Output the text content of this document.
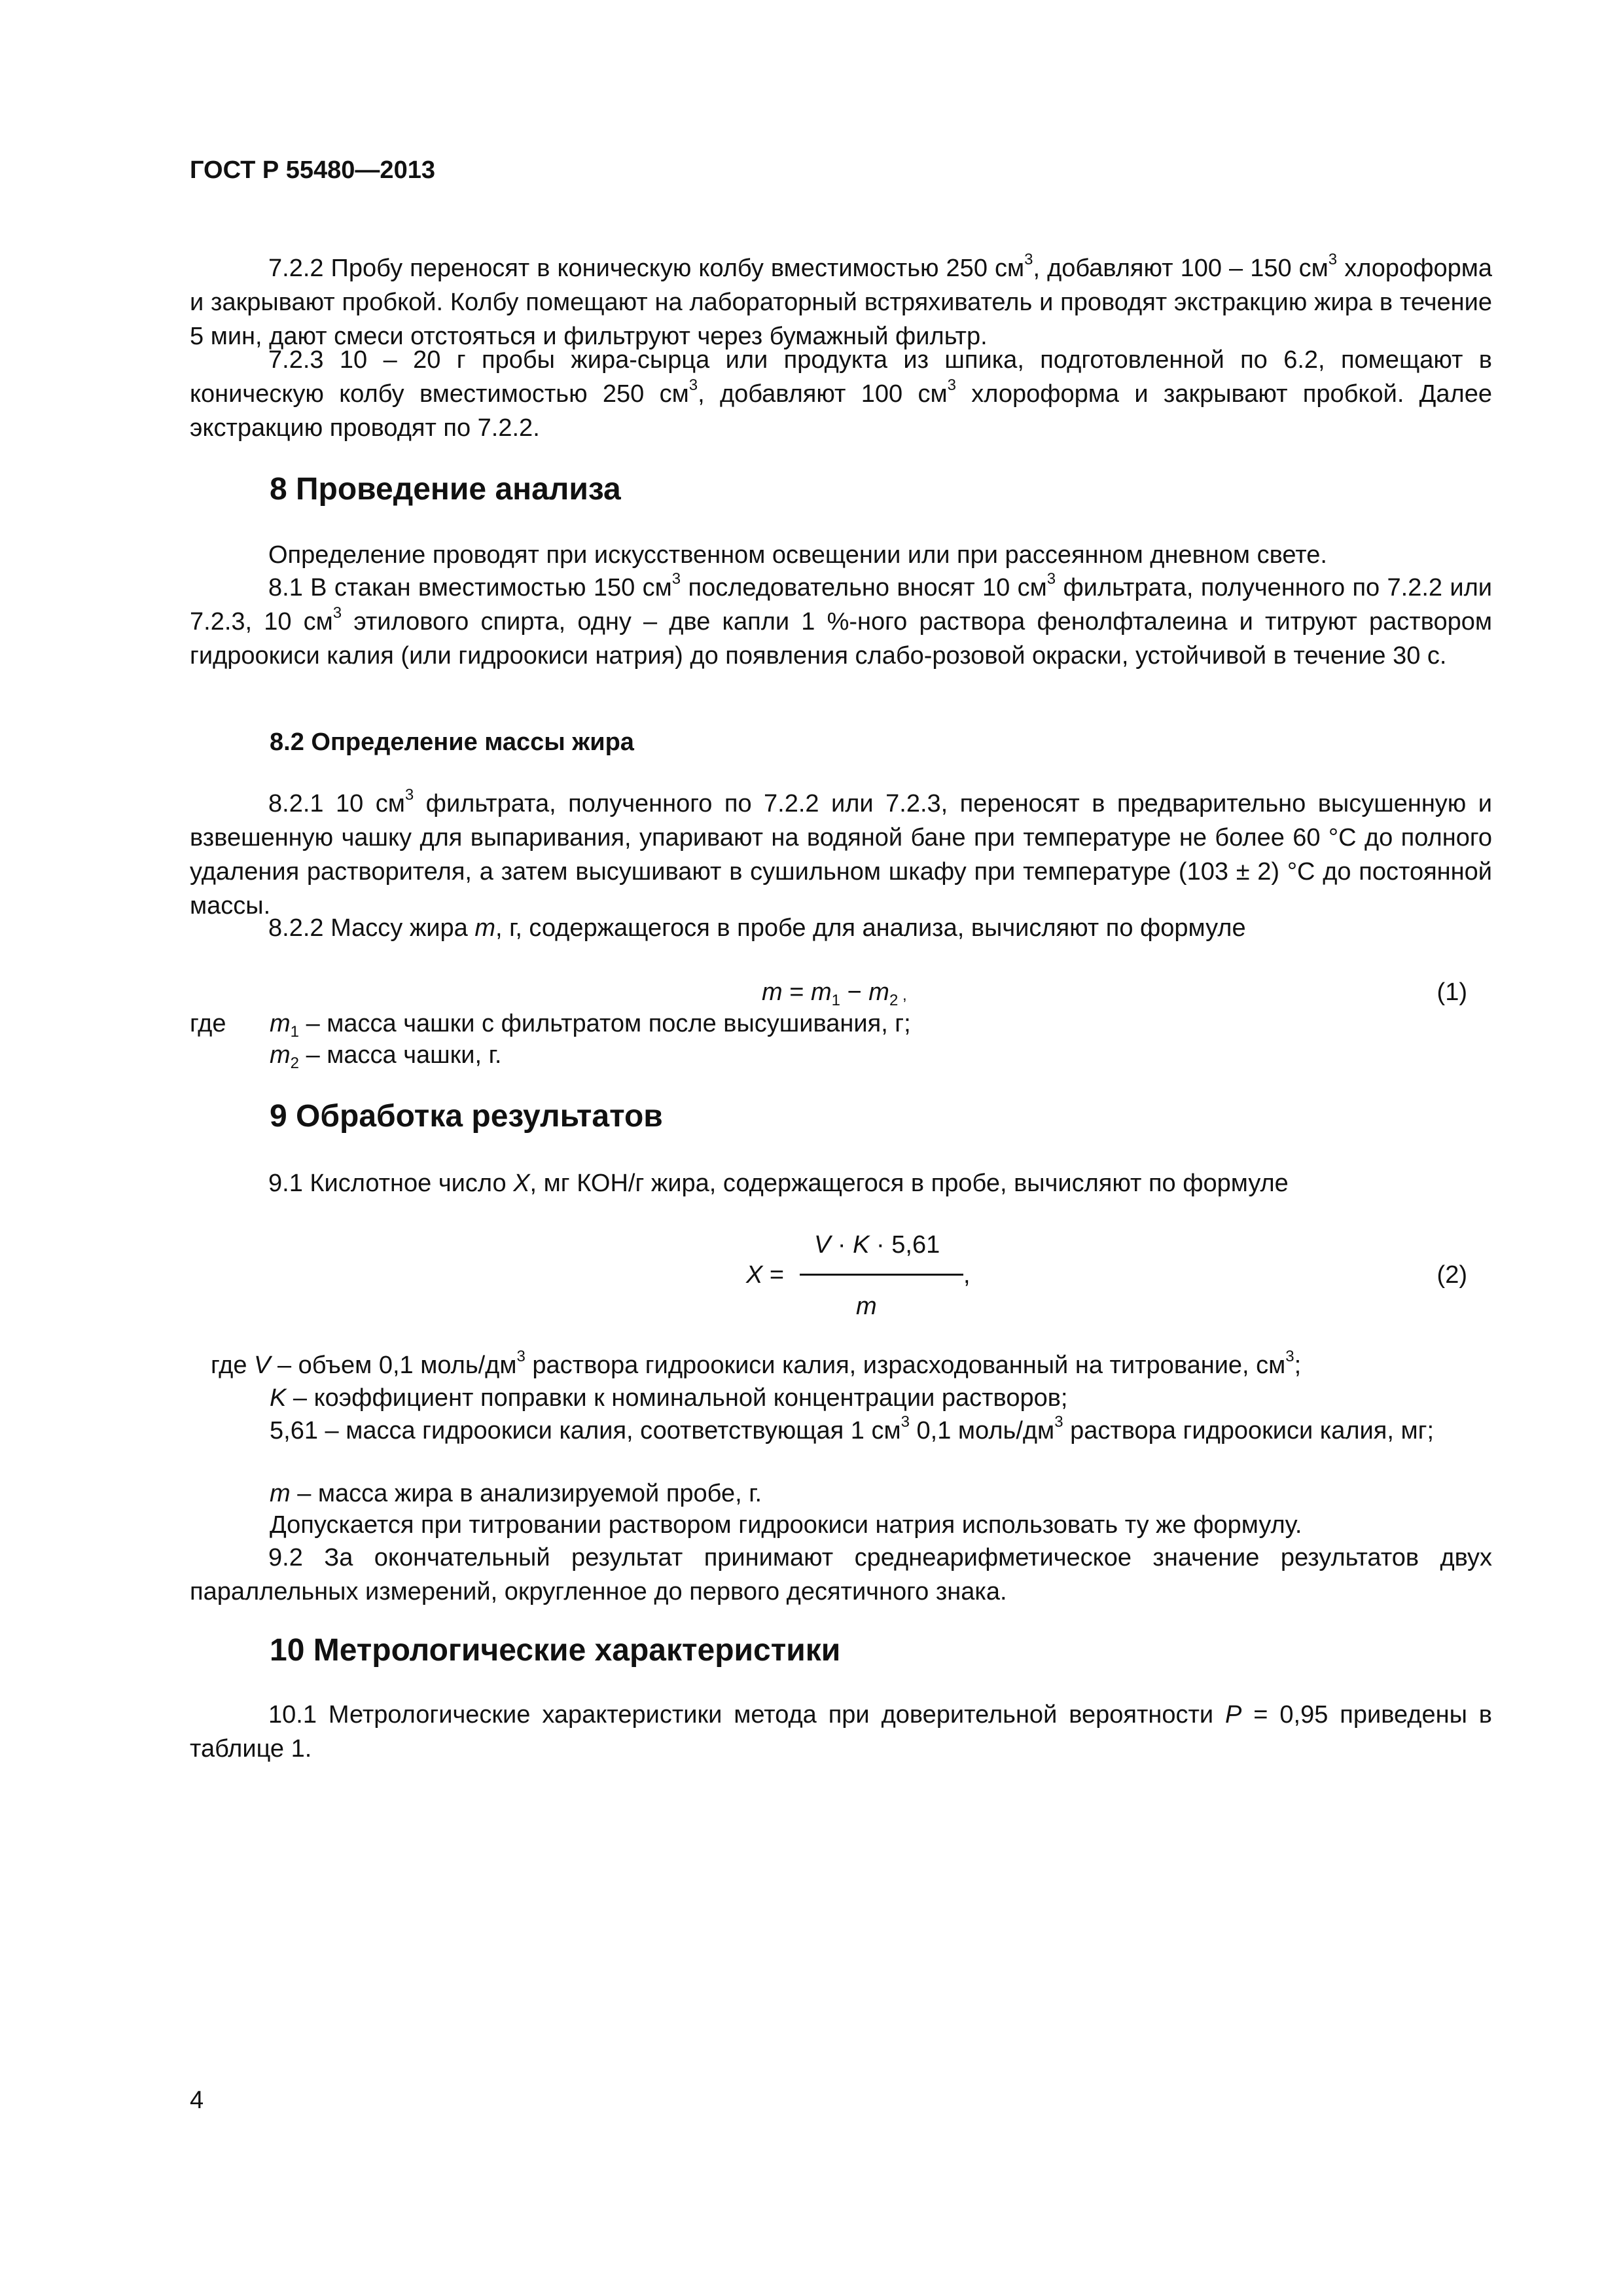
ГОСТ Р 55480—2013

7.2.2 Пробу переносят в коническую колбу вместимостью 250 $см^3$, добавляют 100 – 150 $см^3$ хлороформа и закрывают пробкой. Колбу помещают на лабораторный встряхиватель и проводят экстракцию жира в течение 5 мин, дают смеси отстояться и фильтруют через бумажный фильтр.

7.2.3 10 – 20 г пробы жира-сырца или продукта из шпика, подготовленной по 6.2, помещают в коническую колбу вместимостью 250 $см^3$, добавляют 100 $см^3$ хлороформа и закрывают пробкой. Далее экстракцию проводят по 7.2.2.

8 Проведение анализа

Определение проводят при искусственном освещении или при рассеянном дневном свете.

8.1 В стакан вместимостью 150 $см^3$ последовательно вносят 10 $см^3$ фильтрата, полученного по 7.2.2 или 7.2.3, 10 $см^3$ этилового спирта, одну – две капли 1 %-ного раствора фенолфталеина и титруют раствором гидроокиси калия (или гидроокиси натрия) до появления слабо-розовой окраски, устойчивой в течение 30 с.

8.2 Определение массы жира

8.2.1 10 $см^3$ фильтрата, полученного по 7.2.2 или 7.2.3, переносят в предварительно высушенную и взвешенную чашку для выпаривания, упаривают на водяной бане при температуре не более 60 °С до полного удаления растворителя, а затем высушивают в сушильном шкафу при температуре (103 ± 2) °С до постоянной массы.

8.2.2 Массу жира m, г, содержащегося в пробе для анализа, вычисляют по формуле

$m = m_1 - m_2$ ,	(1)
где $m_1$ – масса чашки с фильтратом после высушивания, г;
$m_2$ – масса чашки, г.
9 Обработка результатов

9.1 Кислотное число X, мг КОН/г жира, содержащегося в пробе, вычисляют по формуле

V · K · 5,61
X =	,
m
(2)
где V – объем 0,1 моль/$дм^3$ раствора гидроокиси калия, израсходованный на титрование, $см^3$;
K – коэффициент поправки к номинальной концентрации растворов;

5,61 – масса гидроокиси калия, соответствующая 1 $см^3$ 0,1 моль/$дм^3$ раствора гидроокиси калия, мг;

m – масса жира в анализируемой пробе, г.
Допускается при титровании раствором гидроокиси натрия использовать ту же формулу.

9.2 За окончательный результат принимают среднеарифметическое значение результатов двух параллельных измерений, округленное до первого десятичного знака.

10 Метрологические характеристики

10.1 Метрологические характеристики метода при доверительной вероятности P = 0,95 приведены в таблице 1.

4
